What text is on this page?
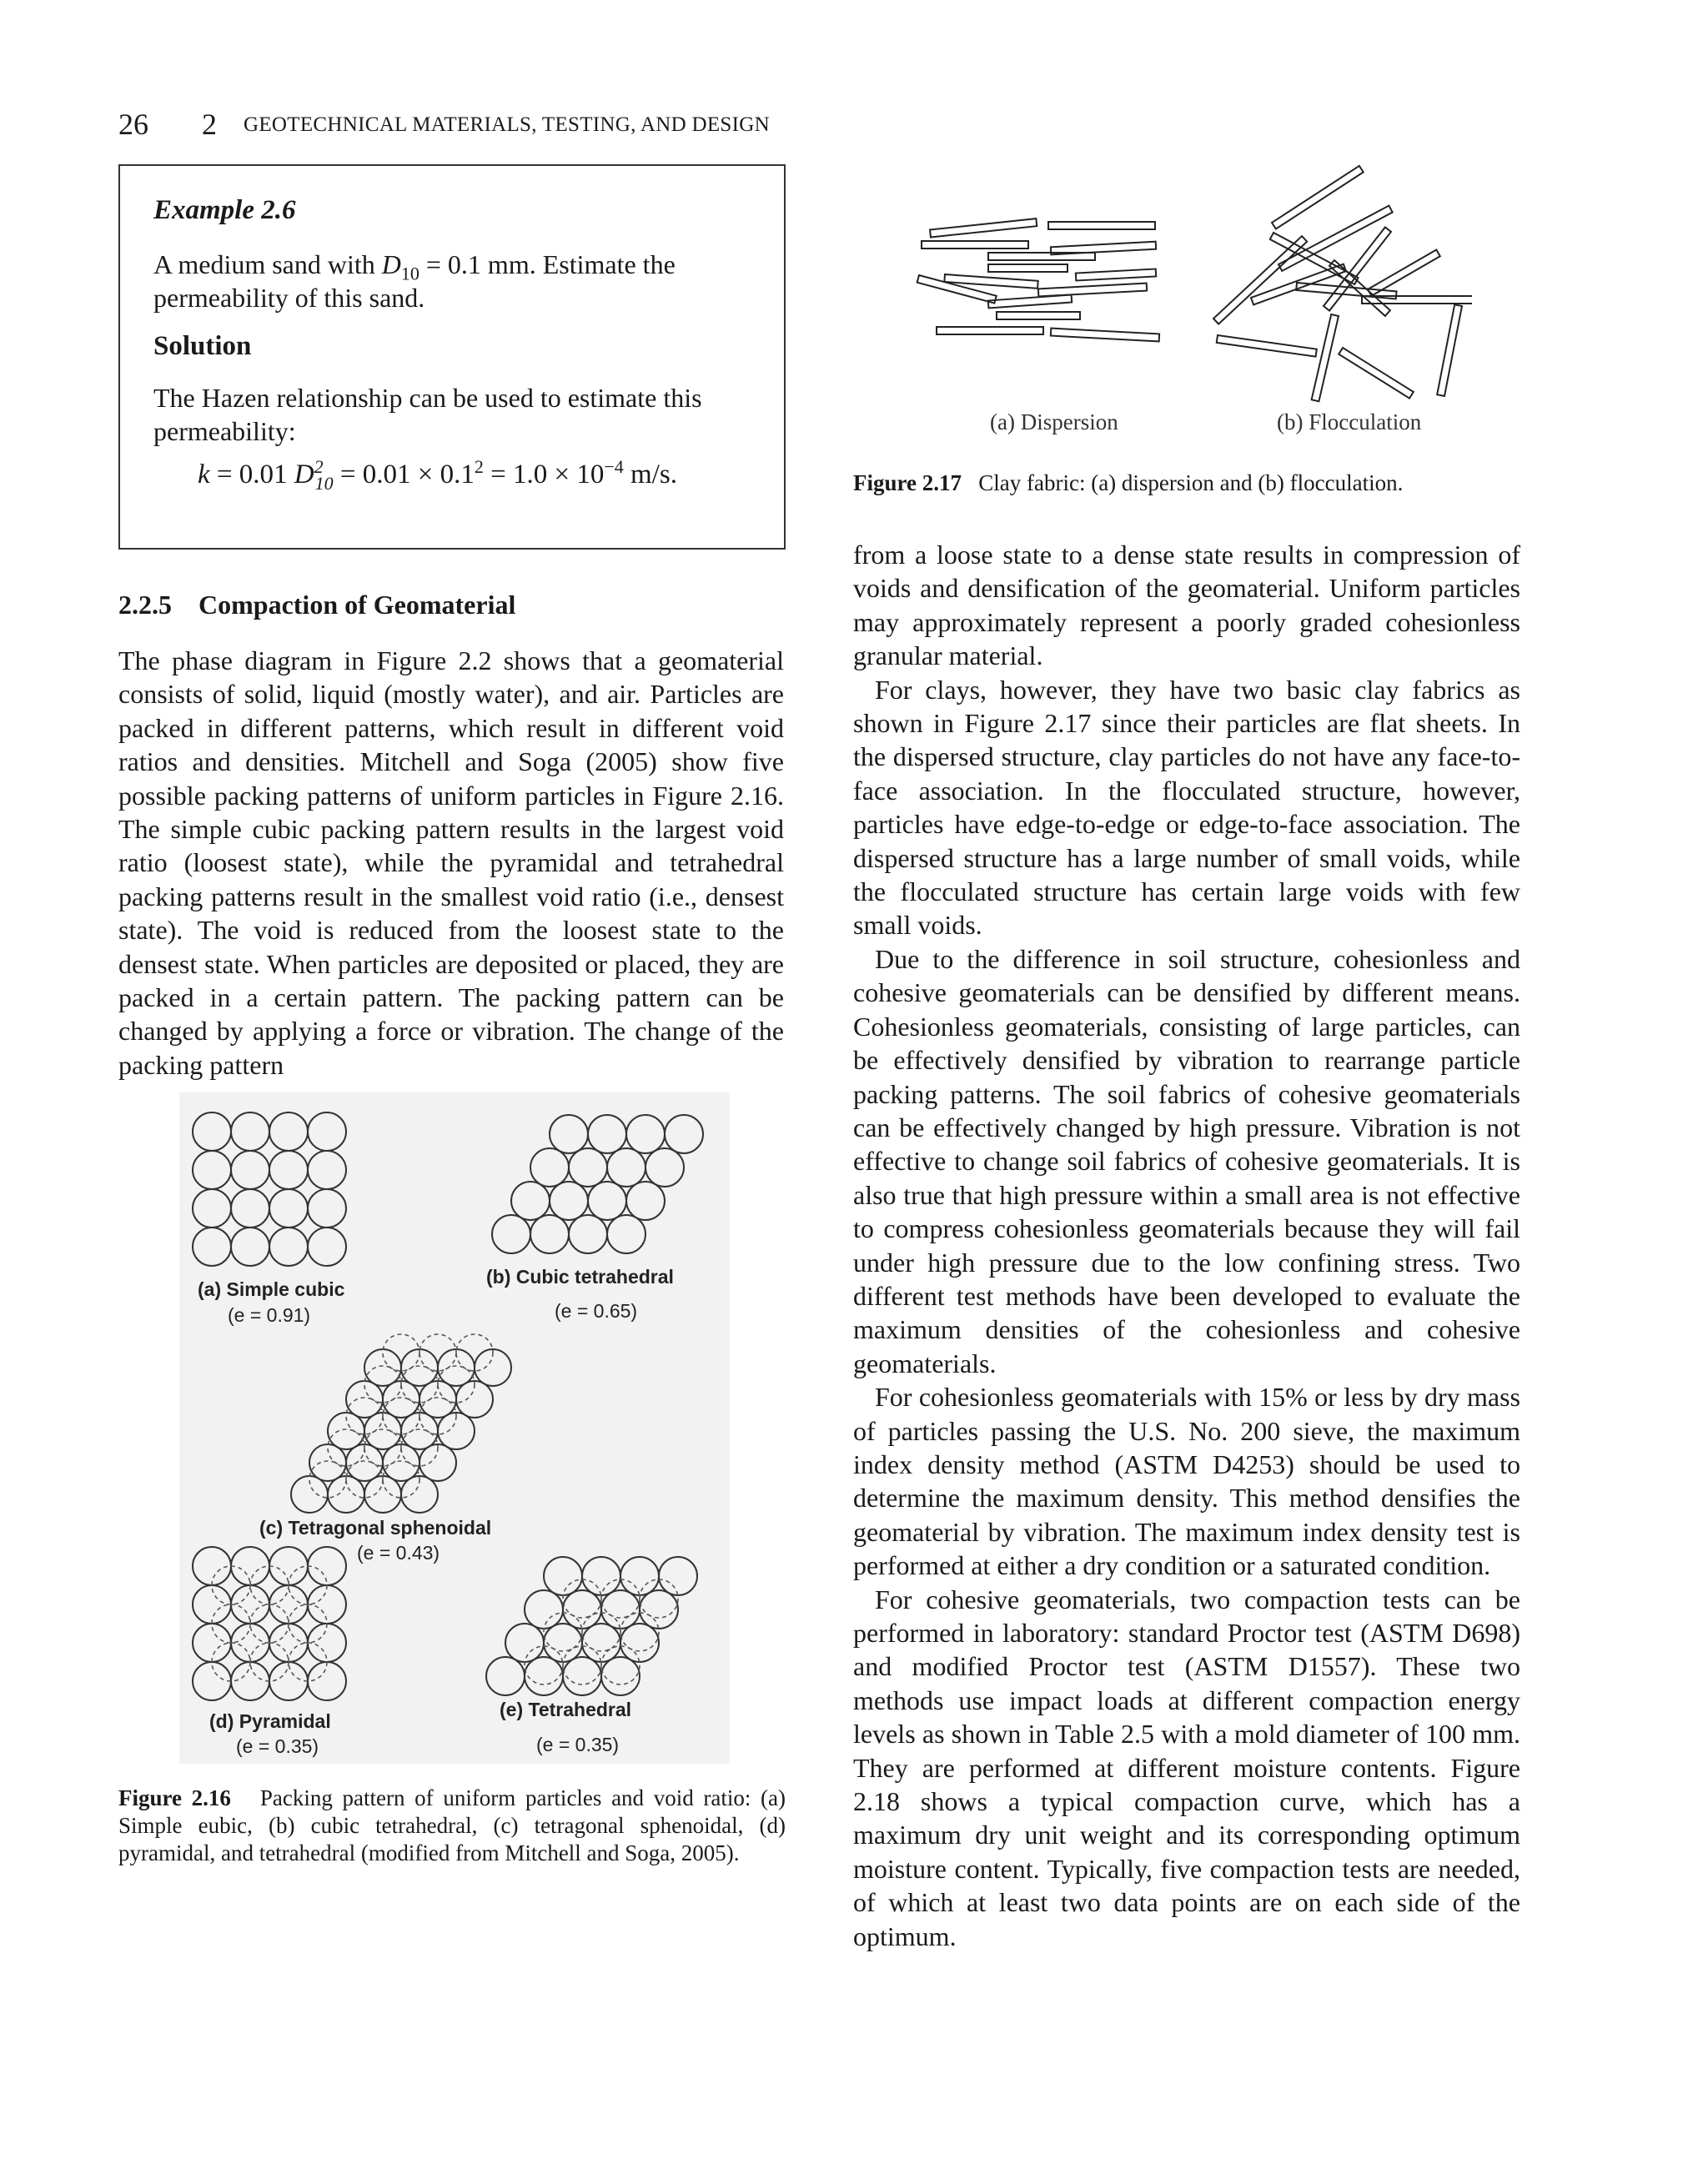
26 2 GEOTECHNICAL MATERIALS, TESTING, AND DESIGN
Example 2.6
A medium sand with $D_{10} = 0.1$ mm. Estimate the permeability of this sand.
Solution
The Hazen relationship can be used to estimate this permeability:
k = 0.01 $D^2_{10} = 0.01 \times 0.1^2 = 1.0 \times 10^{-4}$ m/s.
2.2.5 Compaction of Geomaterial
The phase diagram in Figure 2.2 shows that a geomaterial consists of solid, liquid (mostly water), and air. Particles are packed in different patterns, which result in different void ratios and densities. Mitchell and Soga (2005) show five possible packing patterns of uniform particles in Figure 2.16. The simple cubic packing pattern results in the largest void ratio (loosest state), while the pyramidal and tetrahedral packing patterns result in the smallest void ratio (i.e., densest state). The void is reduced from the loosest state to the densest state. When particles are deposited or placed, they are packed in a certain pattern. The packing pattern can be changed by applying a force or vibration. The change of the packing pattern
(a) Simple cubic
(e = 0.91)
(b) Cubic tetrahedral
(e = 0.65)
(c) Tetragonal sphenoidal
(e = 0.43)
(d) Pyramidal
(e = 0.35)
(e) Tetrahedral
(e = 0.35)
Figure 2.16 Packing pattern of uniform particles and void ratio: (a) Simple eubic, (b) cubic tetrahedral, (c) tetragonal sphenoidal, (d) pyramidal, and tetrahedral (modified from Mitchell and Soga, 2005).
(a) Dispersion	(b) Flocculation
Figure 2.17 Clay fabric: (a) dispersion and (b) flocculation.

from a loose state to a dense state results in compression of voids and densification of the geomaterial. Uniform particles may approximately represent a poorly graded cohesionless granular material.

For clays, however, they have two basic clay fabrics as shown in Figure 2.17 since their particles are flat sheets. In the dispersed structure, clay particles do not have any face-to-face association. In the flocculated structure, however, particles have edge-to-edge or edge-to-face association. The dispersed structure has a large number of small voids, while the flocculated structure has certain large voids with few small voids.

Due to the difference in soil structure, cohesionless and cohesive geomaterials can be densified by different means. Cohesionless geomaterials, consisting of large particles, can be effectively densified by vibration to rearrange particle packing patterns. The soil fabrics of cohesive geomaterials can be effectively changed by high pressure. Vibration is not effective to change soil fabrics of cohesive geomaterials. It is also true that high pressure within a small area is not effective to compress cohesionless geomaterials because they will fail under high pressure due to the low confining stress. Two different test methods have been developed to evaluate the maximum densities of the cohesionless and cohesive geomaterials.

For cohesionless geomaterials with 15% or less by dry mass of particles passing the U.S. No. 200 sieve, the maximum index density method (ASTM D4253) should be used to determine the maximum density. This method densifies the geomaterial by vibration. The maximum index density test is performed at either a dry condition or a saturated condition.

For cohesive geomaterials, two compaction tests can be performed in laboratory: standard Proctor test (ASTM D698) and modified Proctor test (ASTM D1557). These two methods use impact loads at different compaction energy levels as shown in Table 2.5 with a mold diameter of 100 mm. They are performed at different moisture contents. Figure 2.18 shows a typical compaction curve, which has a maximum dry unit weight and its corresponding optimum moisture content. Typically, five compaction tests are needed, of which at least two data points are on each side of the optimum.
